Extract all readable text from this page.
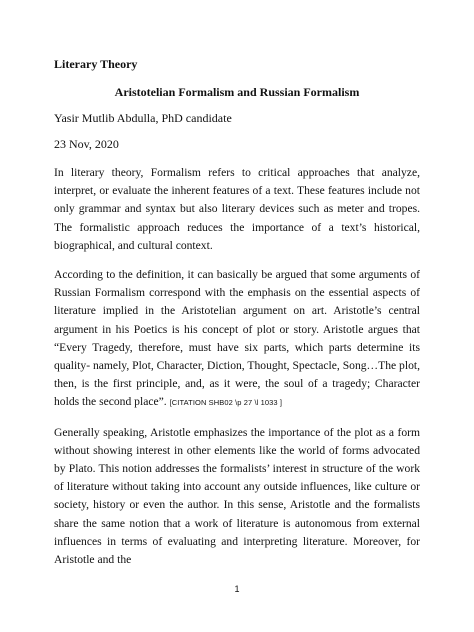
Literary Theory
Aristotelian Formalism and Russian Formalism
Yasir Mutlib Abdulla, PhD candidate
23 Nov, 2020

In literary theory, Formalism refers to critical approaches that analyze, interpret, or evaluate the inherent features of a text. These features include not only grammar and syntax but also literary devices such as meter and tropes. The formalistic approach reduces the importance of a text’s historical, biographical, and cultural context.

According to the definition, it can basically be argued that some arguments of Russian Formalism correspond with the emphasis on the essential aspects of literature implied in the Aristotelian argument on art. Aristotle’s central argument in his Poetics is his concept of plot or story. Aristotle argues that “Every Tragedy, therefore, must have six parts, which parts determine its quality- namely, Plot, Character, Diction, Thought, Spectacle, Song…The plot, then, is the first principle, and, as it were, the soul of a tragedy; Character holds the second place”. [CITATION SHB02 \p 27 \l 1033 ]

Generally speaking, Aristotle emphasizes the importance of the plot as a form without showing interest in other elements like the world of forms advocated by Plato. This notion addresses the formalists’ interest in structure of the work of literature without taking into account any outside influences, like culture or society, history or even the author. In this sense, Aristotle and the formalists share the same notion that a work of literature is autonomous from external influences in terms of evaluating and interpreting literature. Moreover, for Aristotle and the

1
